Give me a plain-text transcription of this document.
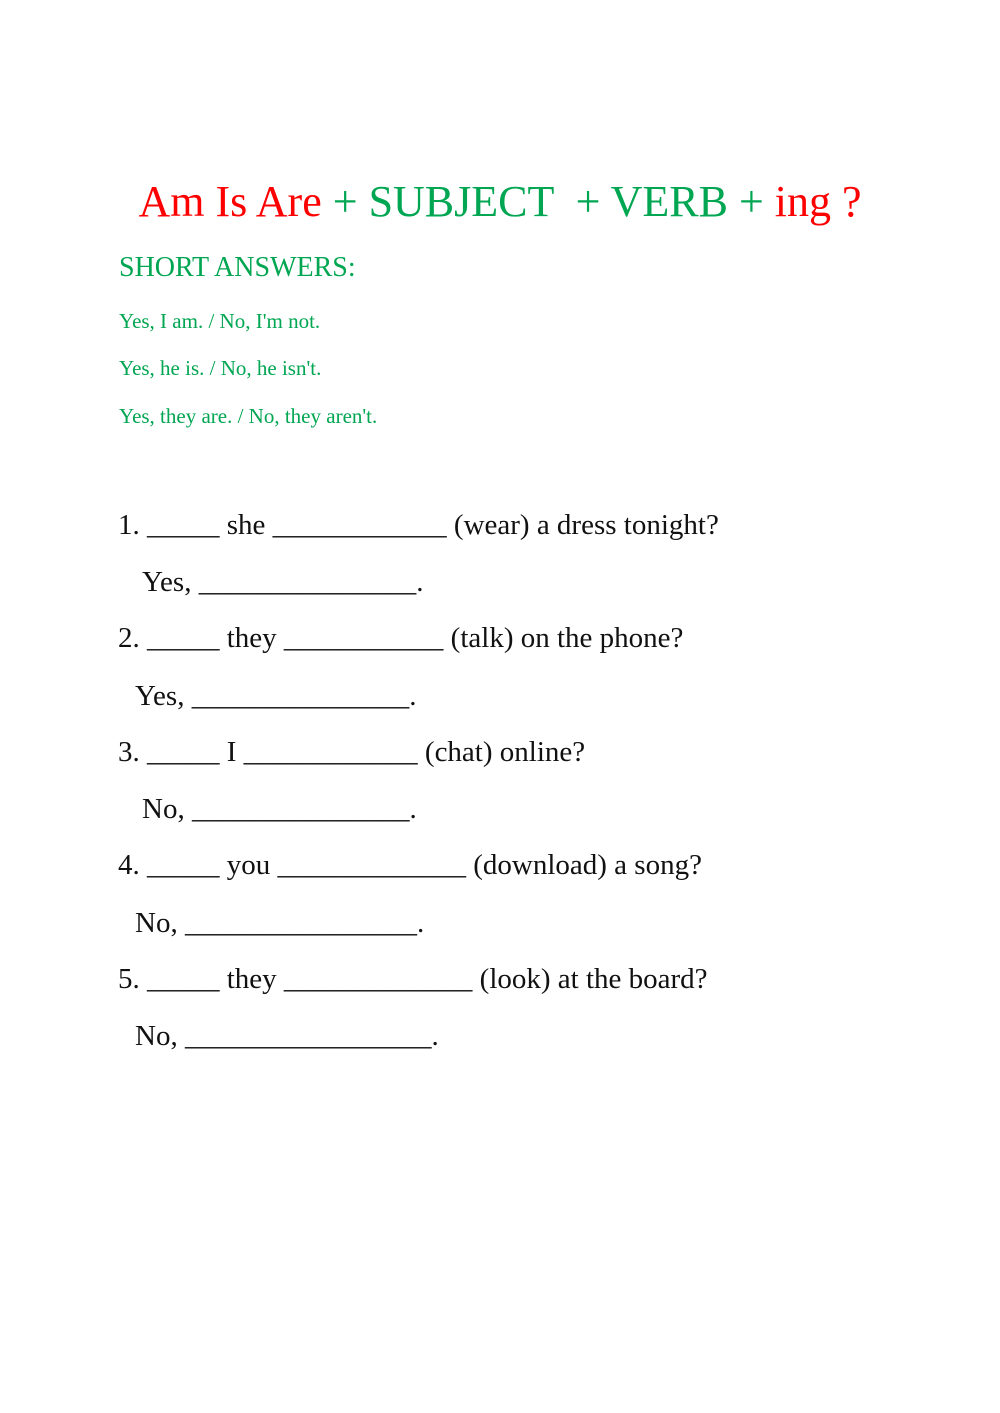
Am Is Are + SUBJECT  + VERB + ing ?
SHORT ANSWERS:
Yes, I am. / No, I'm not.
Yes, he is. / No, he isn't.
Yes, they are. / No, they aren't.
1. _____ she ____________ (wear) a dress tonight?
Yes, _______________.
2. _____ they ___________ (talk) on the phone?
Yes, _______________.
3. _____ I ____________ (chat) online?
No, _______________.
4. _____ you _____________ (download) a song?
No, ________________.
5. _____ they _____________ (look) at the board?
No, _________________.
